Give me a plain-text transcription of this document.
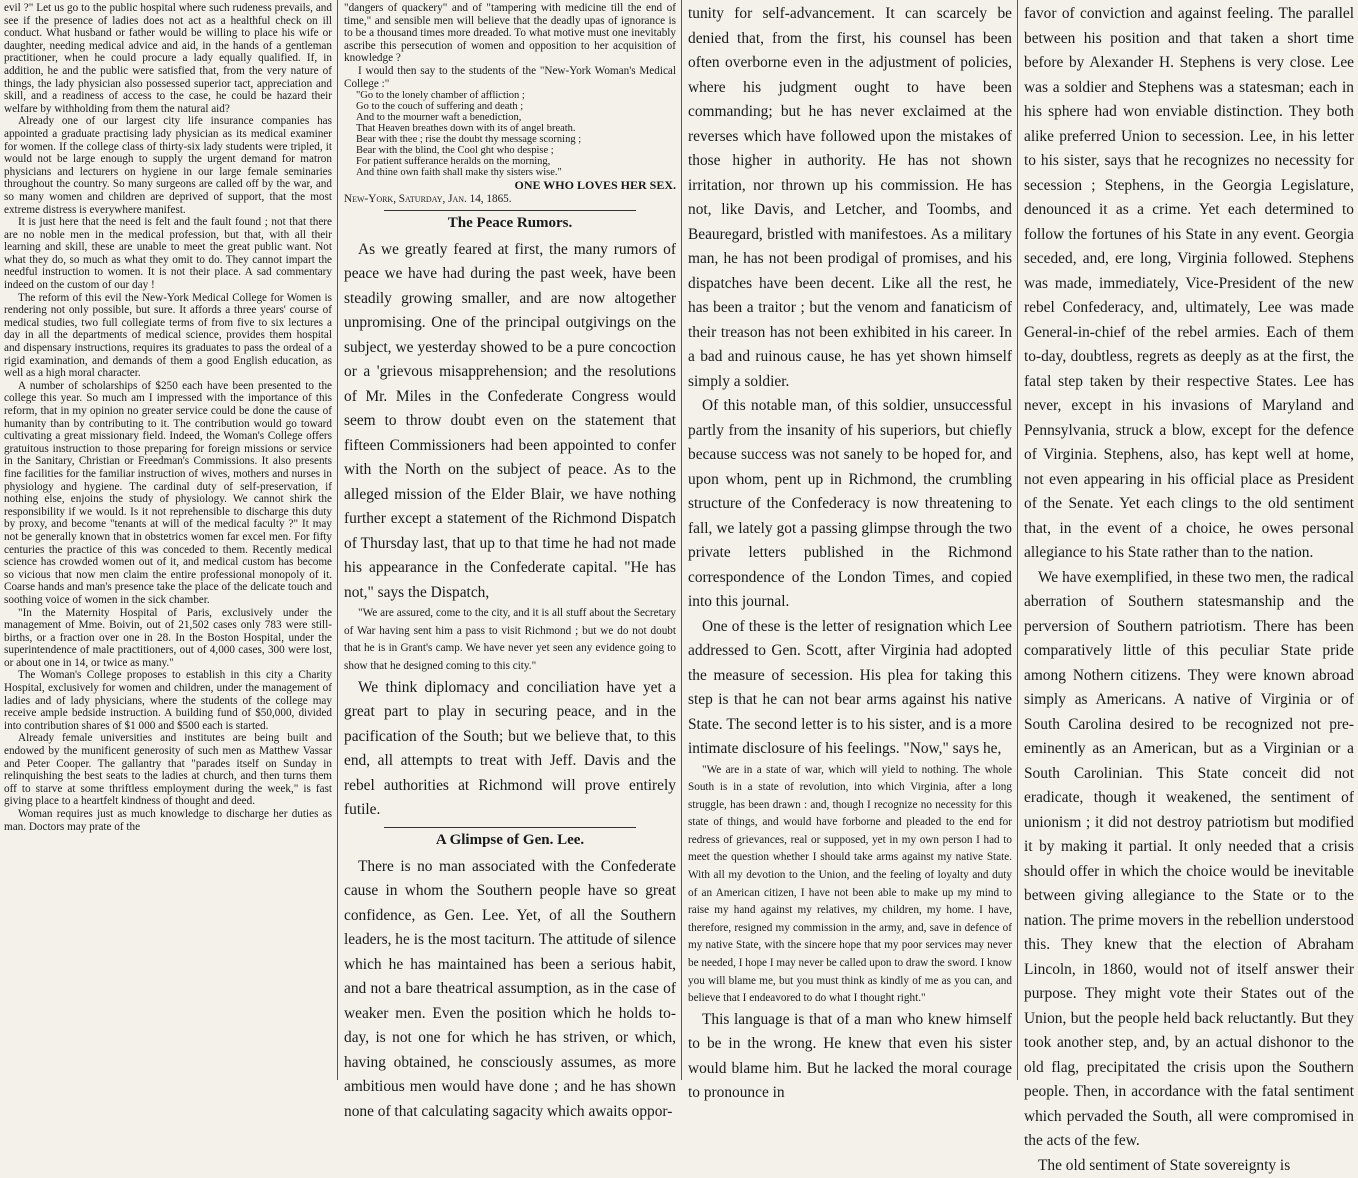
evil ?" Let us go to the public hospital where such rudeness prevails, and see if the presence of ladies does not act as a healthful check on ill conduct. What husband or father would be willing to place his wife or daughter, needing medical advice and aid, in the hands of a gentleman practitioner, when he could procure a lady equally qualified. If, in addition, he and the public were satisfied that, from the very nature of things, the lady physician also possessed superior tact, appreciation and skill, and a readiness of access to the case, he could be hazard their welfare by withholding from them the natural aid?

Already one of our largest city life insurance companies has appointed a graduate practising lady physician as its medical examiner for women. If the college class of thirty-six lady students were tripled, it would not be large enough to supply the urgent demand for matron physicians and lecturers on hygiene in our large female seminaries throughout the country. So many surgeons are called off by the war, and so many women and children are deprived of support, that the most extreme distress is everywhere manifest.

It is just here that the need is felt and the fault found ; not that there are no noble men in the medical profession, but that, with all their learning and skill, these are unable to meet the great public want. Not what they do, so much as what they omit to do. They cannot impart the needful instruction to women. It is not their place. A sad commentary indeed on the custom of our day !

The reform of this evil the New-York Medical College for Women is rendering not only possible, but sure. It affords a three years' course of medical studies, two full collegiate terms of from five to six lectures a day in all the departments of medical science, provides them hospital and dispensary instructions, requires its graduates to pass the ordeal of a rigid examination, and demands of them a good English education, as well as a high moral character.

A number of scholarships of $250 each have been presented to the college this year. So much am I impressed with the importance of this reform, that in my opinion no greater service could be done the cause of humanity than by contributing to it. The contribution would go toward cultivating a great missionary field. Indeed, the Woman's College offers gratuitous instruction to those preparing for foreign missions or service in the Sanitary, Christian or Freedman's Commissions. It also presents fine facilities for the familiar instruction of wives, mothers and nurses in physiology and hygiene. The cardinal duty of self-preservation, if nothing else, enjoins the study of physiology. We cannot shirk the responsibility if we would. Is it not reprehensible to discharge this duty by proxy, and become "tenants at will of the medical faculty ?" It may not be generally known that in obstetrics women far excel men. For fifty centuries the practice of this was conceded to them. Recently medical science has crowded women out of it, and medical custom has become so vicious that now men claim the entire professional monopoly of it. Coarse hands and man's presence take the place of the delicate touch and soothing voice of women in the sick chamber.

"In the Maternity Hospital of Paris, exclusively under the management of Mme. Boivin, out of 21,502 cases only 783 were still-births, or a fraction over one in 28. In the Boston Hospital, under the superintendence of male practitioners, out of 4,000 cases, 300 were lost, or about one in 14, or twice as many."

The Woman's College proposes to establish in this city a Charity Hospital, exclusively for women and children, under the management of ladies and of lady physicians, where the students of the college may receive ample bedside instruction. A building fund of $50,000, divided into contribution shares of $1 000 and $500 each is started.

Already female universities and institutes are being built and endowed by the munificent generosity of such men as Matthew Vassar and Peter Cooper. The gallantry that "parades itself on Sunday in relinquishing the best seats to the ladies at church, and then turns them off to starve at some thriftless employment during the week," is fast giving place to a heartfelt kindness of thought and deed.

Woman requires just as much knowledge to discharge her duties as man. Doctors may prate of the

"dangers of quackery" and of "tampering with medicine till the end of time," and sensible men will believe that the deadly upas of ignorance is to be a thousand times more dreaded. To what motive must one inevitably ascribe this persecution of women and opposition to her acquisition of knowledge ?

I would then say to the students of the "New-York Woman's Medical College :"

"Go to the lonely chamber of affliction ;

Go to the couch of suffering and death ;

And to the mourner waft a benediction,

That Heaven breathes down with its of angel breath.

Bear with thee ; rise the doubt thy message scorning ;

Bear with the blind, the Cool ght who despise ;

For patient sufferance heralds on the morning,

And thine own faith shall make thy sisters wise."

ONE WHO LOVES HER SEX.

New-York, Saturday, Jan. 14, 1865.

The Peace Rumors.

As we greatly feared at first, the many rumors of peace we have had during the past week, have been steadily growing smaller, and are now altogether unpromising. One of the principal outgivings on the subject, we yesterday showed to be a pure concoction or a 'grievous misapprehension; and the resolutions of Mr. Miles in the Confederate Congress would seem to throw doubt even on the statement that fifteen Commissioners had been appointed to confer with the North on the subject of peace. As to the alleged mission of the Elder Blair, we have nothing further except a statement of the Richmond Dispatch of Thursday last, that up to that time he had not made his appearance in the Confederate capital. "He has not," says the Dispatch,

"We are assured, come to the city, and it is all stuff about the Secretary of War having sent him a pass to visit Richmond ; but we do not doubt that he is in Grant's camp. We have never yet seen any evidence going to show that he designed coming to this city."

We think diplomacy and conciliation have yet a great part to play in securing peace, and in the pacification of the South; but we believe that, to this end, all attempts to treat with Jeff. Davis and the rebel authorities at Richmond will prove entirely futile.

A Glimpse of Gen. Lee.

There is no man associated with the Confederate cause in whom the Southern people have so great confidence, as Gen. Lee. Yet, of all the Southern leaders, he is the most taciturn. The attitude of silence which he has maintained has been a serious habit, and not a bare theatrical assumption, as in the case of weaker men. Even the position which he holds to-day, is not one for which he has striven, or which, having obtained, he consciously assumes, as more ambitious men would have done ; and he has shown none of that calculating sagacity which awaits oppor-

tunity for self-advancement. It can scarcely be denied that, from the first, his counsel has been often overborne even in the adjustment of policies, where his judgment ought to have been commanding; but he has never exclaimed at the reverses which have followed upon the mistakes of those higher in authority. He has not shown irritation, nor thrown up his commission. He has not, like Davis, and Letcher, and Toombs, and Beauregard, bristled with manifestoes. As a military man, he has not been prodigal of promises, and his dispatches have been decent. Like all the rest, he has been a traitor ; but the venom and fanaticism of their treason has not been exhibited in his career. In a bad and ruinous cause, he has yet shown himself simply a soldier.

Of this notable man, of this soldier, unsuccessful partly from the insanity of his superiors, but chiefly because success was not sanely to be hoped for, and upon whom, pent up in Richmond, the crumbling structure of the Confederacy is now threatening to fall, we lately got a passing glimpse through the two private letters published in the Richmond correspondence of the London Times, and copied into this journal.

One of these is the letter of resignation which Lee addressed to Gen. Scott, after Virginia had adopted the measure of secession. His plea for taking this step is that he can not bear arms against his native State. The second letter is to his sister, and is a more intimate disclosure of his feelings. "Now," says he,

"We are in a state of war, which will yield to nothing. The whole South is in a state of revolution, into which Virginia, after a long struggle, has been drawn : and, though I recognize no necessity for this state of things, and would have forborne and pleaded to the end for redress of grievances, real or supposed, yet in my own person I had to meet the question whether I should take arms against my native State. With all my devotion to the Union, and the feeling of loyalty and duty of an American citizen, I have not been able to make up my mind to raise my hand against my relatives, my children, my home. I have, therefore, resigned my commission in the army, and, save in defence of my native State, with the sincere hope that my poor services may never be needed, I hope I may never be called upon to draw the sword. I know you will blame me, but you must think as kindly of me as you can, and believe that I endeavored to do what I thought right."

This language is that of a man who knew himself to be in the wrong. He knew that even his sister would blame him. But he lacked the moral courage to pronounce in

favor of conviction and against feeling. The parallel between his position and that taken a short time before by Alexander H. Stephens is very close. Lee was a soldier and Stephens was a statesman; each in his sphere had won enviable distinction. They both alike preferred Union to secession. Lee, in his letter to his sister, says that he recognizes no necessity for secession ; Stephens, in the Georgia Legislature, denounced it as a crime. Yet each determined to follow the fortunes of his State in any event. Georgia seceded, and, ere long, Virginia followed. Stephens was made, immediately, Vice-President of the new rebel Confederacy, and, ultimately, Lee was made General-in-chief of the rebel armies. Each of them to-day, doubtless, regrets as deeply as at the first, the fatal step taken by their respective States. Lee has never, except in his invasions of Maryland and Pennsylvania, struck a blow, except for the defence of Virginia. Stephens, also, has kept well at home, not even appearing in his official place as President of the Senate. Yet each clings to the old sentiment that, in the event of a choice, he owes personal allegiance to his State rather than to the nation.

We have exemplified, in these two men, the radical aberration of Southern statesmanship and the perversion of Southern patriotism. There has been comparatively little of this peculiar State pride among Nothern citizens. They were known abroad simply as Americans. A native of Virginia or of South Carolina desired to be recognized not pre-eminently as an American, but as a Virginian or a South Carolinian. This State conceit did not eradicate, though it weakened, the sentiment of unionism ; it did not destroy patriotism but modified it by making it partial. It only needed that a crisis should offer in which the choice would be inevitable between giving allegiance to the State or to the nation. The prime movers in the rebellion understood this. They knew that the election of Abraham Lincoln, in 1860, would not of itself answer their purpose. They might vote their States out of the Union, but the people held back reluctantly. But they took another step, and, by an actual dishonor to the old flag, precipitated the crisis upon the Southern people. Then, in accordance with the fatal sentiment which pervaded the South, all were compromised in the acts of the few.

The old sentiment of State sovereignty is
